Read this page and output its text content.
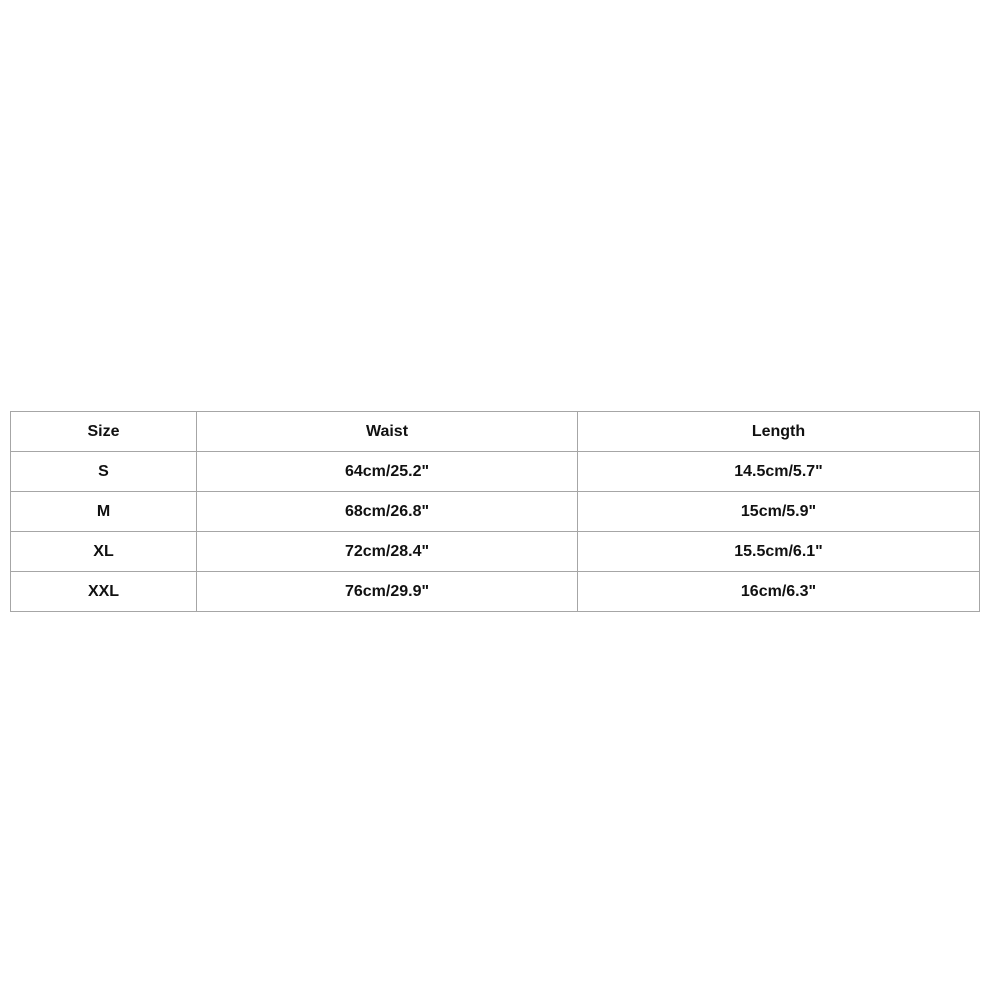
Size	Waist	Length
S	64cm/25.2"	14.5cm/5.7"
M	68cm/26.8"	15cm/5.9"
XL	72cm/28.4"	15.5cm/6.1"
XXL	76cm/29.9"	16cm/6.3"
